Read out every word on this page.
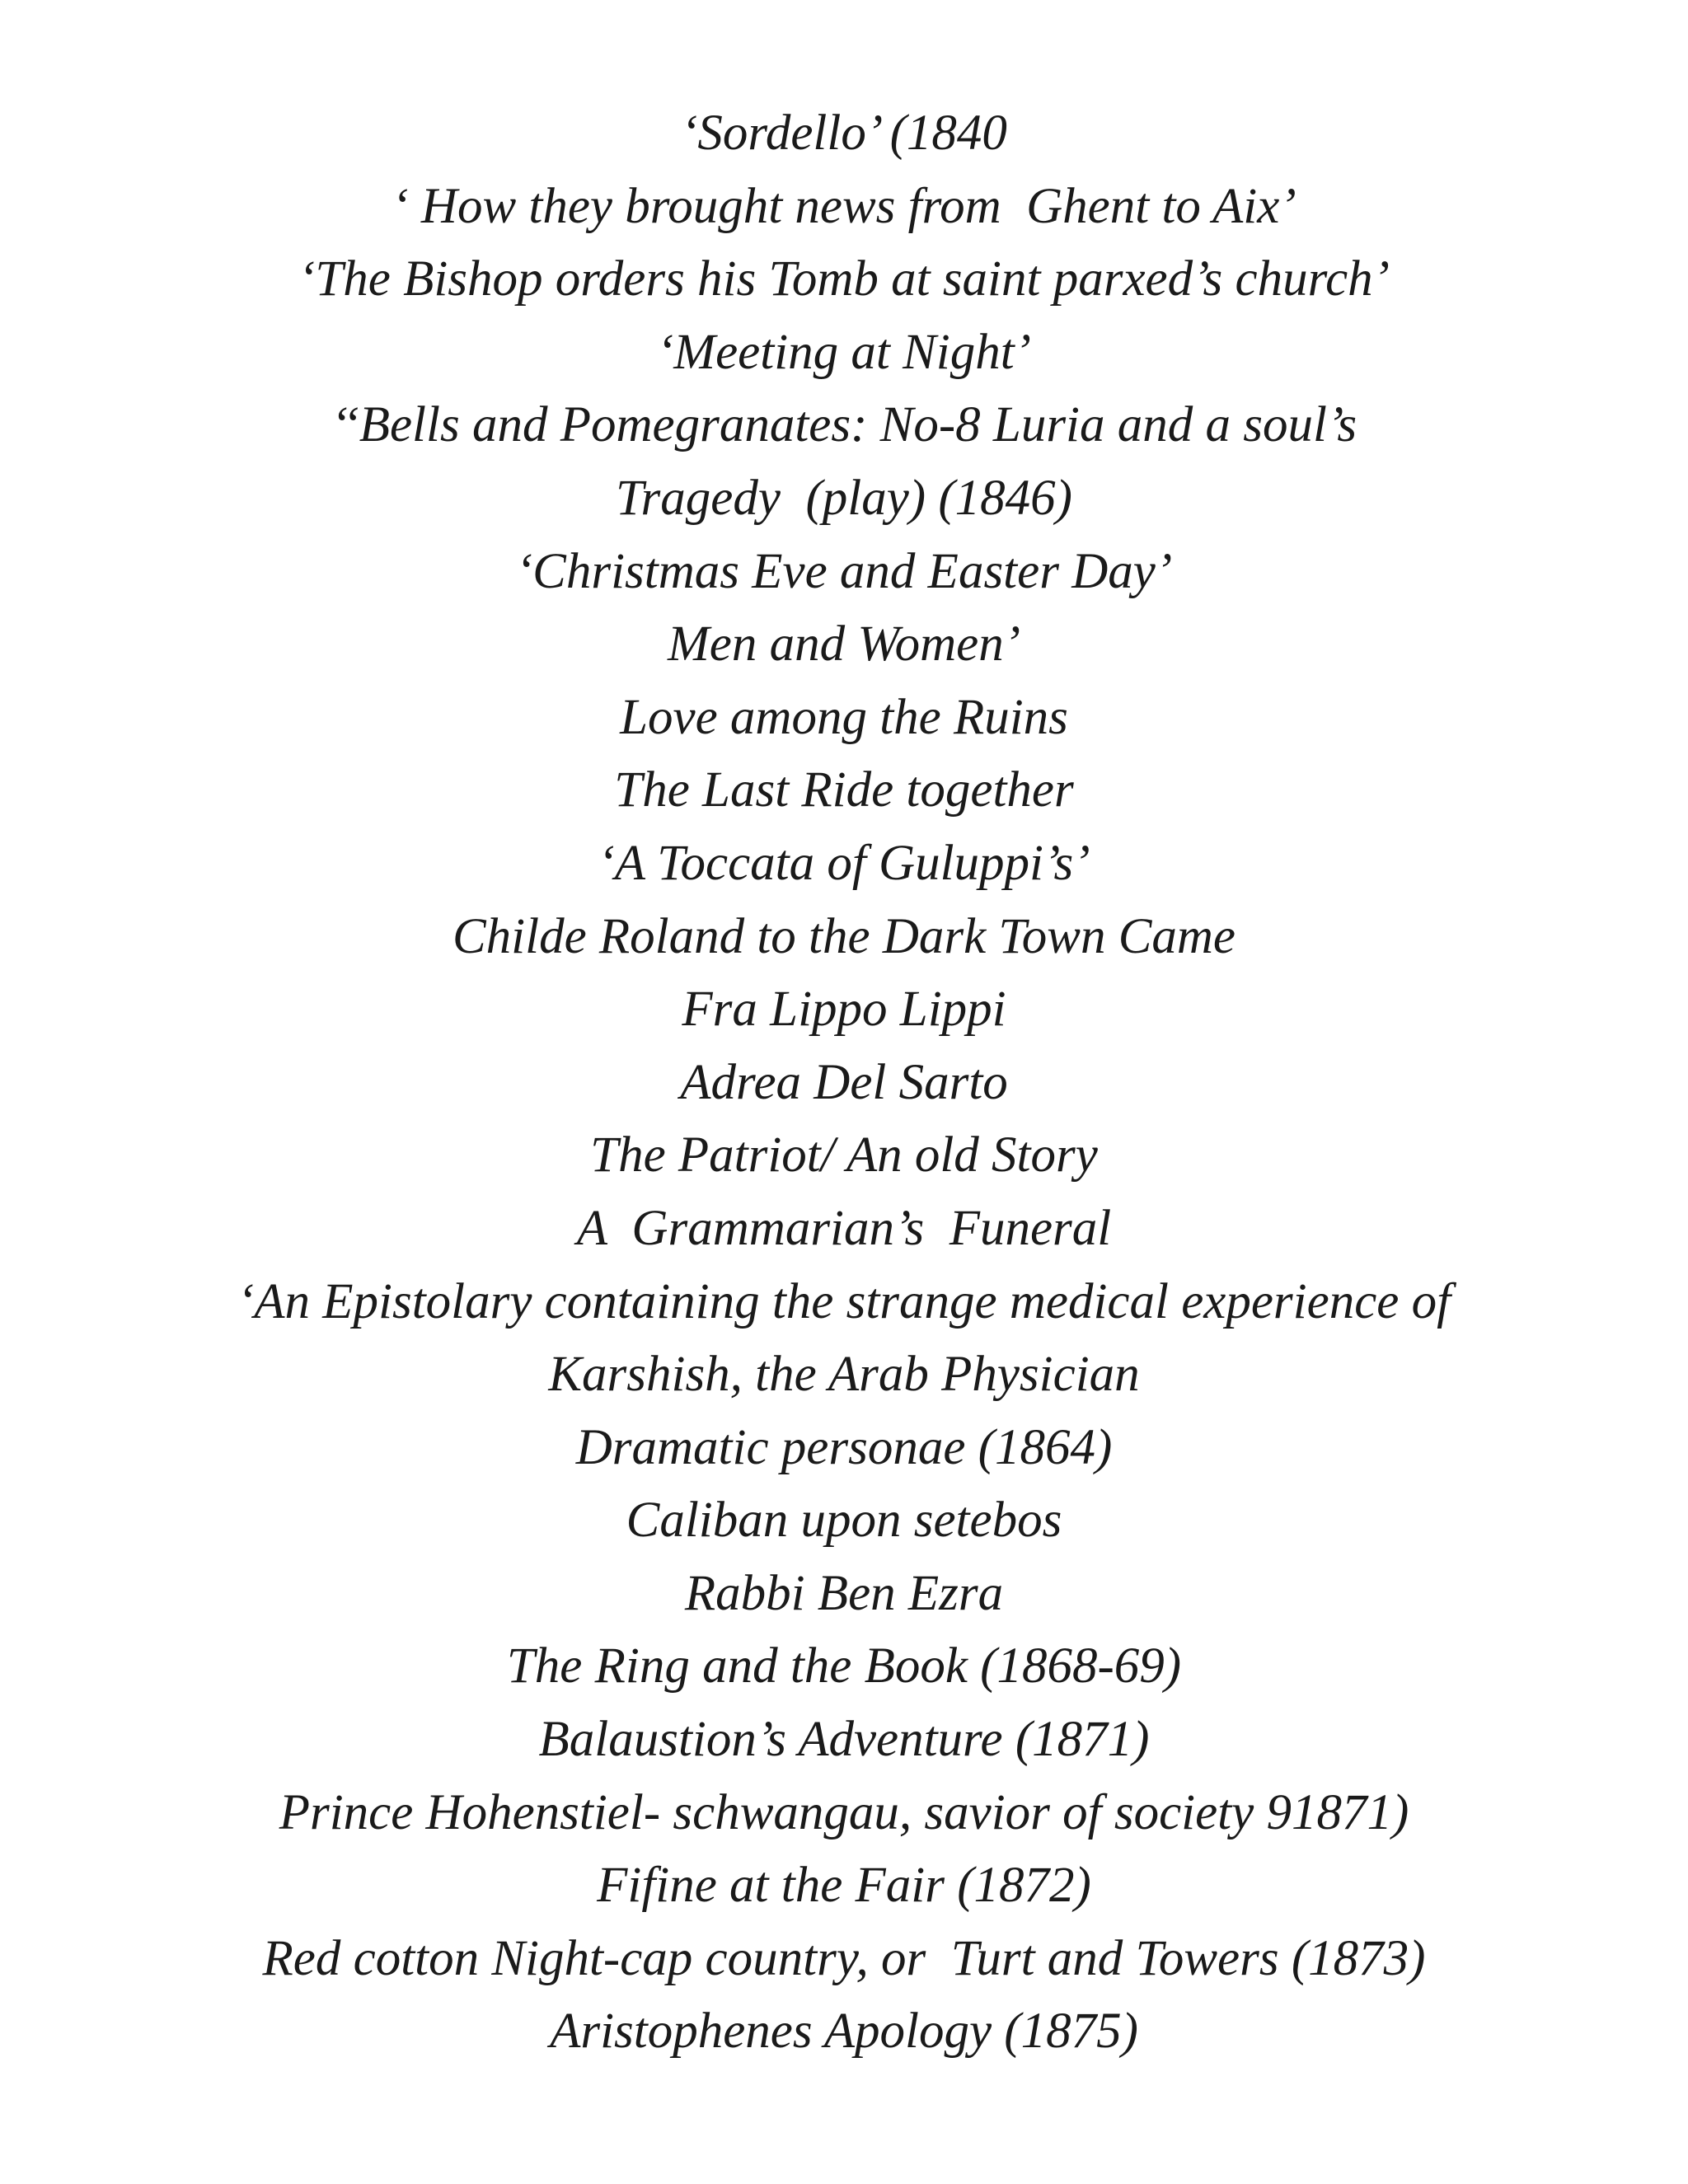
‘Sordello’ (1840
‘ How they brought news from  Ghent to Aix’
‘The Bishop orders his Tomb at saint parxed’s church’
‘Meeting at Night’
‘‘Bells and Pomegranates: No-8 Luria and a soul’s
Tragedy  (play) (1846)
‘Christmas Eve and Easter Day’
Men and Women’
Love among the Ruins
The Last Ride together
‘A Toccata of Guluppi’s’
Childe Roland to the Dark Town Came
Fra Lippo Lippi
Adrea Del Sarto
The Patriot/ An old Story
A  Grammarian’s  Funeral
‘An Epistolary containing the strange medical experience of
Karshish, the Arab Physician
Dramatic personae (1864)
Caliban upon setebos
Rabbi Ben Ezra
The Ring and the Book (1868-69)
Balaustion’s Adventure (1871)
Prince Hohenstiel- schwangau, savior of society 91871)
Fifine at the Fair (1872)
Red cotton Night-cap country, or  Turt and Towers (1873)
Aristophenes Apology (1875)
